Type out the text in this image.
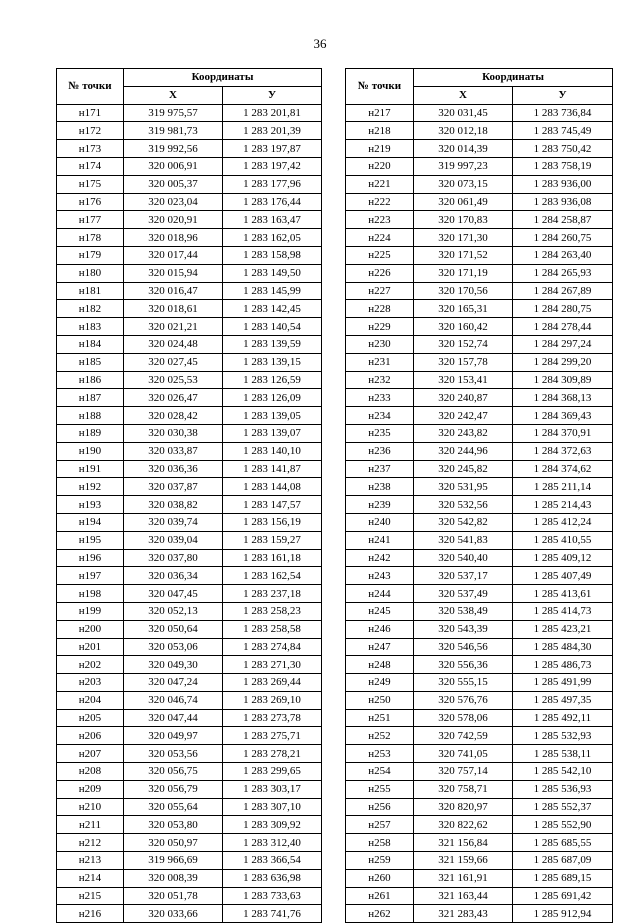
36
№ точки	Координаты	
	Х	У
н171	319 975,57	1 283 201,81
н172	319 981,73	1 283 201,39
н173	319 992,56	1 283 197,87
н174	320 006,91	1 283 197,42
н175	320 005,37	1 283 177,96
н176	320 023,04	1 283 176,44
н177	320 020,91	1 283 163,47
н178	320 018,96	1 283 162,05
н179	320 017,44	1 283 158,98
н180	320 015,94	1 283 149,50
н181	320 016,47	1 283 145,99
н182	320 018,61	1 283 142,45
н183	320 021,21	1 283 140,54
н184	320 024,48	1 283 139,59
н185	320 027,45	1 283 139,15
н186	320 025,53	1 283 126,59
н187	320 026,47	1 283 126,09
н188	320 028,42	1 283 139,05
н189	320 030,38	1 283 139,07
н190	320 033,87	1 283 140,10
н191	320 036,36	1 283 141,87
н192	320 037,87	1 283 144,08
н193	320 038,82	1 283 147,57
н194	320 039,74	1 283 156,19
н195	320 039,04	1 283 159,27
н196	320 037,80	1 283 161,18
н197	320 036,34	1 283 162,54
н198	320 047,45	1 283 237,18
н199	320 052,13	1 283 258,23
н200	320 050,64	1 283 258,58
н201	320 053,06	1 283 274,84
н202	320 049,30	1 283 271,30
н203	320 047,24	1 283 269,44
н204	320 046,74	1 283 269,10
н205	320 047,44	1 283 273,78
н206	320 049,97	1 283 275,71
н207	320 053,56	1 283 278,21
н208	320 056,75	1 283 299,65
н209	320 056,79	1 283 303,17
н210	320 055,64	1 283 307,10
н211	320 053,80	1 283 309,92
н212	320 050,97	1 283 312,40
н213	319 966,69	1 283 366,54
н214	320 008,39	1 283 636,98
н215	320 051,78	1 283 733,63
н216	320 033,66	1 283 741,76
№ точки	Координаты	
	Х	У
н217	320 031,45	1 283 736,84
н218	320 012,18	1 283 745,49
н219	320 014,39	1 283 750,42
н220	319 997,23	1 283 758,19
н221	320 073,15	1 283 936,00
н222	320 061,49	1 283 936,08
н223	320 170,83	1 284 258,87
н224	320 171,30	1 284 260,75
н225	320 171,52	1 284 263,40
н226	320 171,19	1 284 265,93
н227	320 170,56	1 284 267,89
н228	320 165,31	1 284 280,75
н229	320 160,42	1 284 278,44
н230	320 152,74	1 284 297,24
н231	320 157,78	1 284 299,20
н232	320 153,41	1 284 309,89
н233	320 240,87	1 284 368,13
н234	320 242,47	1 284 369,43
н235	320 243,82	1 284 370,91
н236	320 244,96	1 284 372,63
н237	320 245,82	1 284 374,62
н238	320 531,95	1 285 211,14
н239	320 532,56	1 285 214,43
н240	320 542,82	1 285 412,24
н241	320 541,83	1 285 410,55
н242	320 540,40	1 285 409,12
н243	320 537,17	1 285 407,49
н244	320 537,49	1 285 413,61
н245	320 538,49	1 285 414,73
н246	320 543,39	1 285 423,21
н247	320 546,56	1 285 484,30
н248	320 556,36	1 285 486,73
н249	320 555,15	1 285 491,99
н250	320 576,76	1 285 497,35
н251	320 578,06	1 285 492,11
н252	320 742,59	1 285 532,93
н253	320 741,05	1 285 538,11
н254	320 757,14	1 285 542,10
н255	320 758,71	1 285 536,93
н256	320 820,97	1 285 552,37
н257	320 822,62	1 285 552,90
н258	321 156,84	1 285 685,55
н259	321 159,66	1 285 687,09
н260	321 161,91	1 285 689,15
н261	321 163,44	1 285 691,42
н262	321 283,43	1 285 912,94
